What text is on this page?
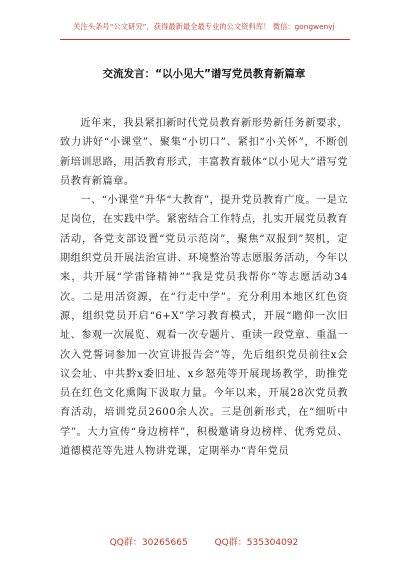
关注头条号“公文研究”，获得最新最全最专业的公文资料库！ 微信：gongwenyj
交流发言：“以小见大”谱写党员教育新篇章

近年来，我县紧扣新时代党员教育新形势新任务新要求，致力讲好“小课堂”、聚集“小切口”、紧扣“小关怀”，不断创新培训思路，用活教育形式，丰富教育载体“以小见大”谱写党员教育新篇章。

一、“小课堂”升华“大教育”，提升党员教育广度。一是立足岗位，在实践中学。紧密结合工作特点，扎实开展党员教育活动，各党支部设置“党员示范岗”，聚焦“双报到”契机，定期组织党员开展法治宣讲、环境整治等志愿服务活动，今年以来，共开展“学雷锋精神”“我是党员我帮你”等志愿活动34次。二是用活资源，在“行走中学”。充分利用本地区红色资源，组织党员开启“6+X”学习教育模式，开展“瞻仰一次旧址、参观一次展览、观看一次专题片、重读一段党章、重温一次入党誓词参加一次宣讲报告会”等，先后组织党员前往x会议会址、中共黔x委旧址、x乡怒苑等开展现场教学，助推党员在红色文化熏陶下汲取力量。今年以来，开展28次党员教育活动，培训党员2600余人次。三是创新形式，在“细听中学”。大力宣传“身边榜样”，积极邀请身边榜样、优秀党员、道德模范等先进人物讲党课，定期举办“青年党员

QQ群：30265665	QQ群：535304092
